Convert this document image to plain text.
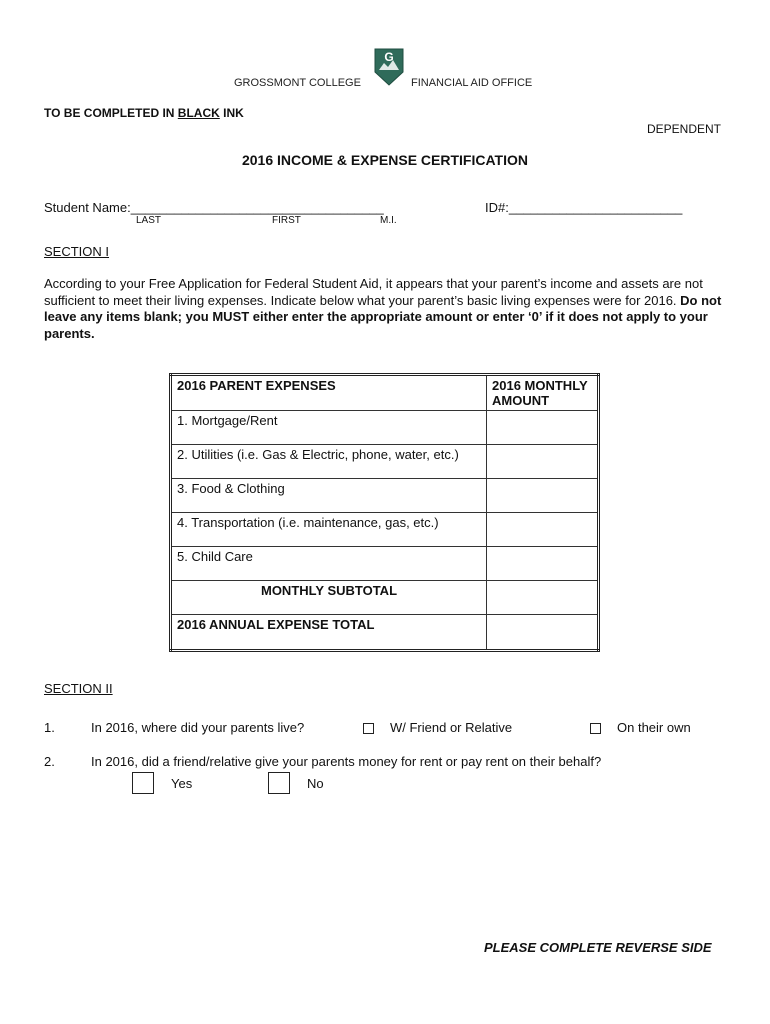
GROSSMONT COLLEGE
G
FINANCIAL AID OFFICE
TO BE COMPLETED IN BLACK INK
DEPENDENT
2016 INCOME & EXPENSE CERTIFICATION
Student Name:___________________________________	ID#:________________________
LAST	FIRST	M.I.
SECTION I
According to your Free Application for Federal Student Aid, it appears that your parent’s income and assets are not sufficient to meet their living expenses. Indicate below what your parent’s basic living expenses were for 2016. Do not leave any items blank; you MUST either enter the appropriate amount or enter ‘0’ if it does not apply to your parents.
2016 PARENT EXPENSES	2016 MONTHLY AMOUNT
1. Mortgage/Rent	
2. Utilities (i.e. Gas & Electric, phone, water, etc.)	
3. Food & Clothing	
4. Transportation (i.e. maintenance, gas, etc.)	
5. Child Care	
MONTHLY SUBTOTAL	
2016 ANNUAL EXPENSE TOTAL	
SECTION II
1.	In 2016, where did your parents live?	W/ Friend or Relative	On their own
2.	In 2016, did a friend/relative give your parents money for rent or pay rent on their behalf?
Yes	No
PLEASE COMPLETE REVERSE SIDE
